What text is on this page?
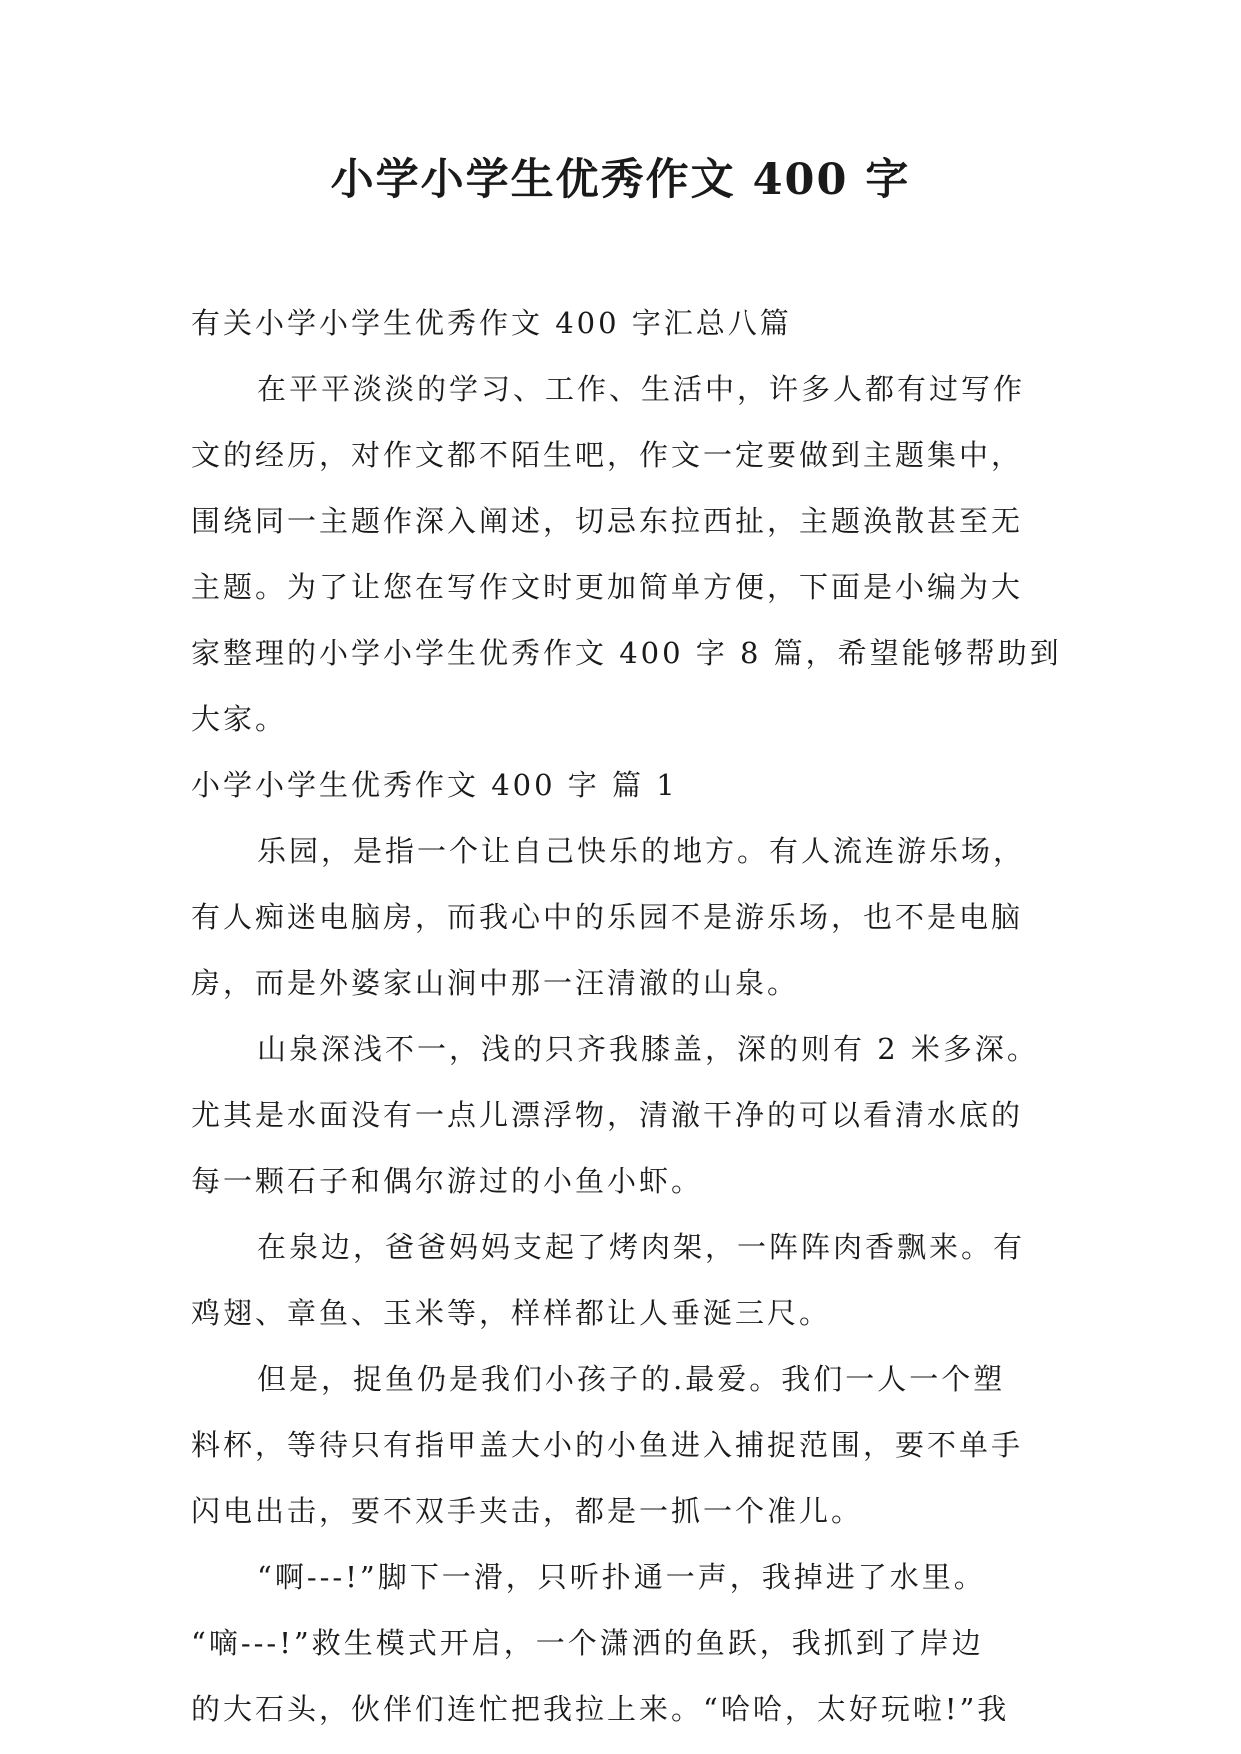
小学小学生优秀作文 400 字
有关小学小学生优秀作文 400 字汇总八篇
在平平淡淡的学习、工作、生活中，许多人都有过写作
文的经历，对作文都不陌生吧，作文一定要做到主题集中，
围绕同一主题作深入阐述，切忌东拉西扯，主题涣散甚至无
主题。为了让您在写作文时更加简单方便，下面是小编为大
家整理的小学小学生优秀作文 400 字 8 篇，希望能够帮助到
大家。
小学小学生优秀作文 400 字 篇 1
乐园，是指一个让自己快乐的地方。有人流连游乐场，
有人痴迷电脑房，而我心中的乐园不是游乐场，也不是电脑
房，而是外婆家山涧中那一汪清澈的山泉。
山泉深浅不一，浅的只齐我膝盖，深的则有 2 米多深。
尤其是水面没有一点儿漂浮物，清澈干净的可以看清水底的
每一颗石子和偶尔游过的小鱼小虾。
在泉边，爸爸妈妈支起了烤肉架，一阵阵肉香飘来。有
鸡翅、章鱼、玉米等，样样都让人垂涎三尺。
但是，捉鱼仍是我们小孩子的.最爱。我们一人一个塑
料杯，等待只有指甲盖大小的小鱼进入捕捉范围，要不单手
闪电出击，要不双手夹击，都是一抓一个准儿。
“啊---!”脚下一滑，只听扑通一声，我掉进了水里。
“嘀---!”救生模式开启，一个潇洒的鱼跃，我抓到了岸边
的大石头，伙伴们连忙把我拉上来。“哈哈，太好玩啦!”我
